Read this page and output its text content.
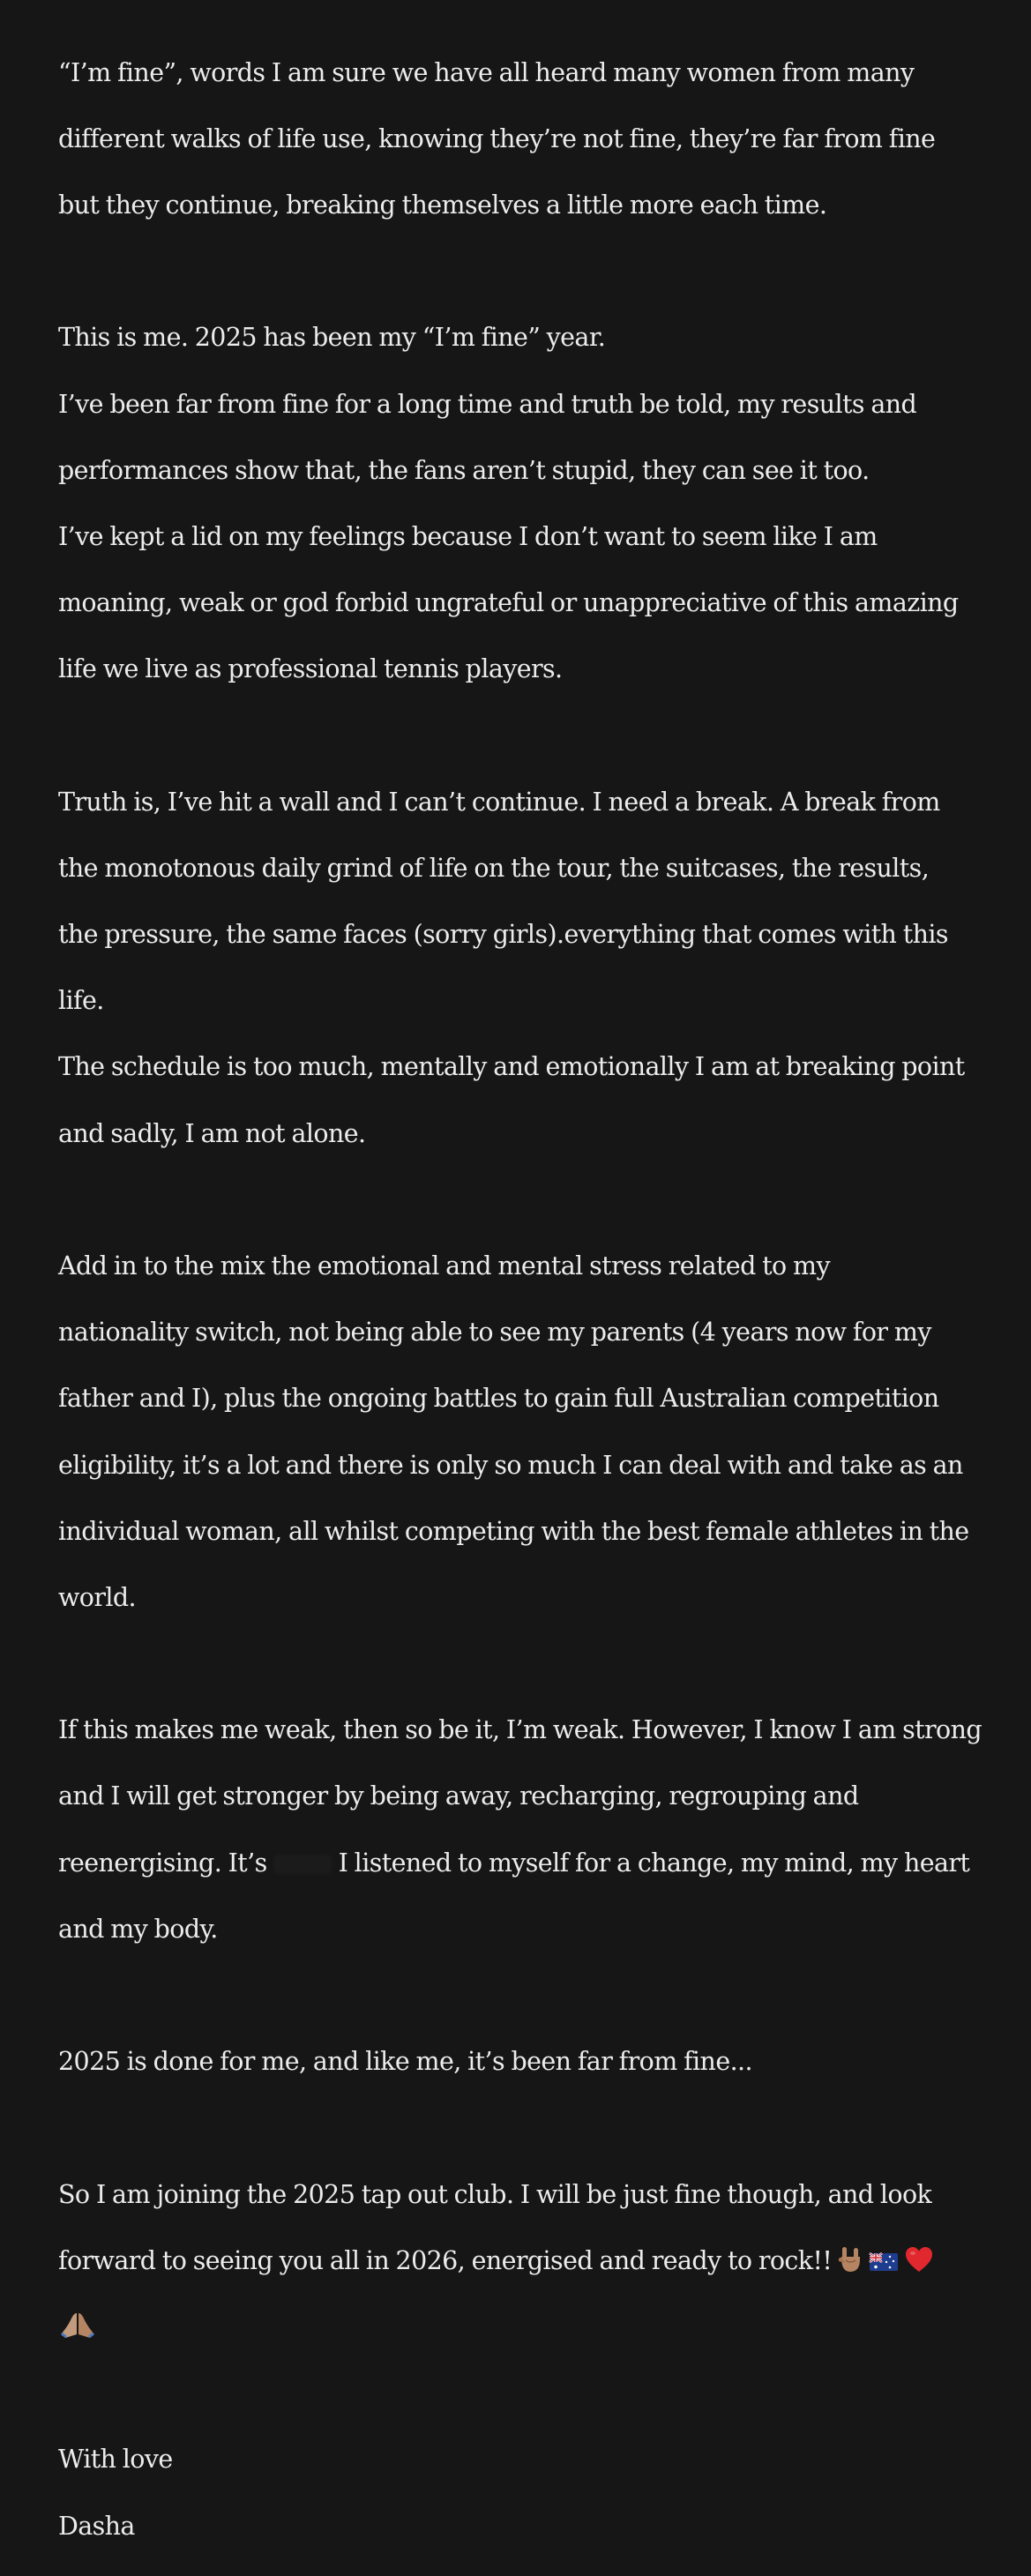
“I’m fine”, words I am sure we have all heard many women from many

different walks of life use, knowing they’re not fine, they’re far from fine

but they continue, breaking themselves a little more each time.

This is me. 2025 has been my “I’m fine” year.

I’ve been far from fine for a long time and truth be told, my results and

performances show that, the fans aren’t stupid, they can see it too.

I’ve kept a lid on my feelings because I don’t want to seem like I am

moaning, weak or god forbid ungrateful or unappreciative of this amazing

life we live as professional tennis players.

Truth is, I’ve hit a wall and I can’t continue. I need a break. A break from

the monotonous daily grind of life on the tour, the suitcases, the results,

the pressure, the same faces (sorry girls).everything that comes with this

life.

The schedule is too much, mentally and emotionally I am at breaking point

and sadly, I am not alone.

Add in to the mix the emotional and mental stress related to my

nationality switch, not being able to see my parents (4 years now for my

father and I), plus the ongoing battles to gain full Australian competition

eligibility, it’s a lot and there is only so much I can deal with and take as an

individual woman, all whilst competing with the best female athletes in the

world.

If this makes me weak, then so be it, I’m weak. However, I know I am strong

and I will get stronger by being away, recharging, regrouping and

reenergising. It’s	I listened to myself for a change, my mind, my heart

and my body.

2025 is done for me, and like me, it’s been far from fine...

So I am joining the 2025 tap out club. I will be just fine though, and look

forward to seeing you all in 2026, energised and ready to rock!!

With love

Dasha
